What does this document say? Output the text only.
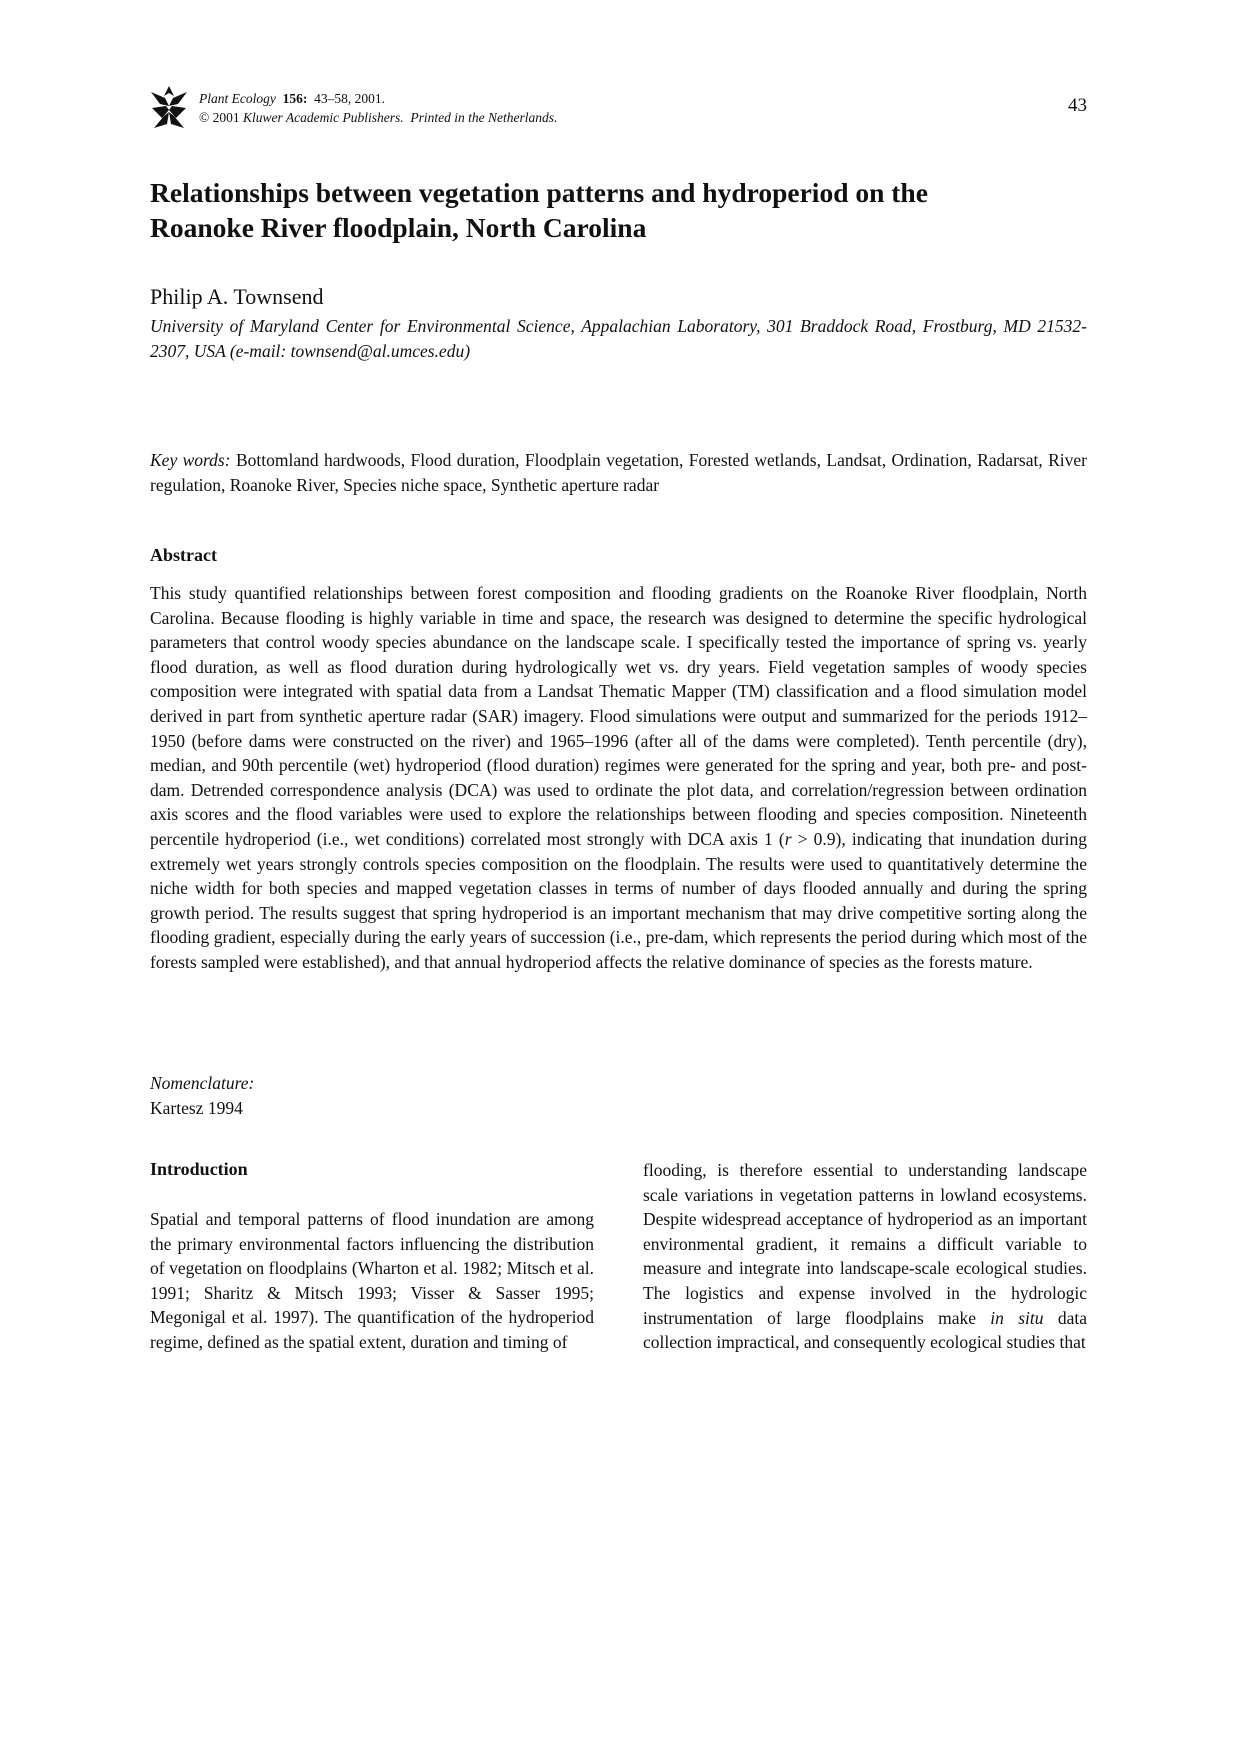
Plant Ecology 156: 43–58, 2001.
© 2001 Kluwer Academic Publishers. Printed in the Netherlands.
43
Relationships between vegetation patterns and hydroperiod on the
Roanoke River floodplain, North Carolina
Philip A. Townsend
University of Maryland Center for Environmental Science, Appalachian Laboratory, 301 Braddock Road, Frostburg, MD 21532-2307, USA (e-mail: townsend@al.umces.edu)
Key words: Bottomland hardwoods, Flood duration, Floodplain vegetation, Forested wetlands, Landsat, Ordination, Radarsat, River regulation, Roanoke River, Species niche space, Synthetic aperture radar
Abstract

This study quantified relationships between forest composition and flooding gradients on the Roanoke River floodplain, North Carolina. Because flooding is highly variable in time and space, the research was designed to determine the specific hydrological parameters that control woody species abundance on the landscape scale. I specifically tested the importance of spring vs. yearly flood duration, as well as flood duration during hydrologically wet vs. dry years. Field vegetation samples of woody species composition were integrated with spatial data from a Landsat Thematic Mapper (TM) classification and a flood simulation model derived in part from synthetic aperture radar (SAR) imagery. Flood simulations were output and summarized for the periods 1912–1950 (before dams were constructed on the river) and 1965–1996 (after all of the dams were completed). Tenth percentile (dry), median, and 90th percentile (wet) hydroperiod (flood duration) regimes were generated for the spring and year, both pre- and post-dam. Detrended correspondence analysis (DCA) was used to ordinate the plot data, and correlation/regression between ordination axis scores and the flood variables were used to explore the relationships between flooding and species composition. Nineteenth percentile hydroperiod (i.e., wet conditions) correlated most strongly with DCA axis 1 (r > 0.9), indicating that inundation during extremely wet years strongly controls species composition on the floodplain. The results were used to quantitatively determine the niche width for both species and mapped vegetation classes in terms of number of days flooded annually and during the spring growth period. The results suggest that spring hydroperiod is an important mechanism that may drive competitive sorting along the flooding gradient, especially during the early years of succession (i.e., pre-dam, which represents the period during which most of the forests sampled were established), and that annual hydroperiod affects the relative dominance of species as the forests mature.

Nomenclature:
Kartesz 1994
Introduction

Spatial and temporal patterns of flood inundation are among the primary environmental factors influencing the distribution of vegetation on floodplains (Wharton et al. 1982; Mitsch et al. 1991; Sharitz & Mitsch 1993; Visser & Sasser 1995; Megonigal et al. 1997). The quantification of the hydroperiod regime, defined as the spatial extent, duration and timing of

flooding, is therefore essential to understanding landscape scale variations in vegetation patterns in lowland ecosystems. Despite widespread acceptance of hydroperiod as an important environmental gradient, it remains a difficult variable to measure and integrate into landscape-scale ecological studies. The logistics and expense involved in the hydrologic instrumentation of large floodplains make in situ data collection impractical, and consequently ecological studies that
